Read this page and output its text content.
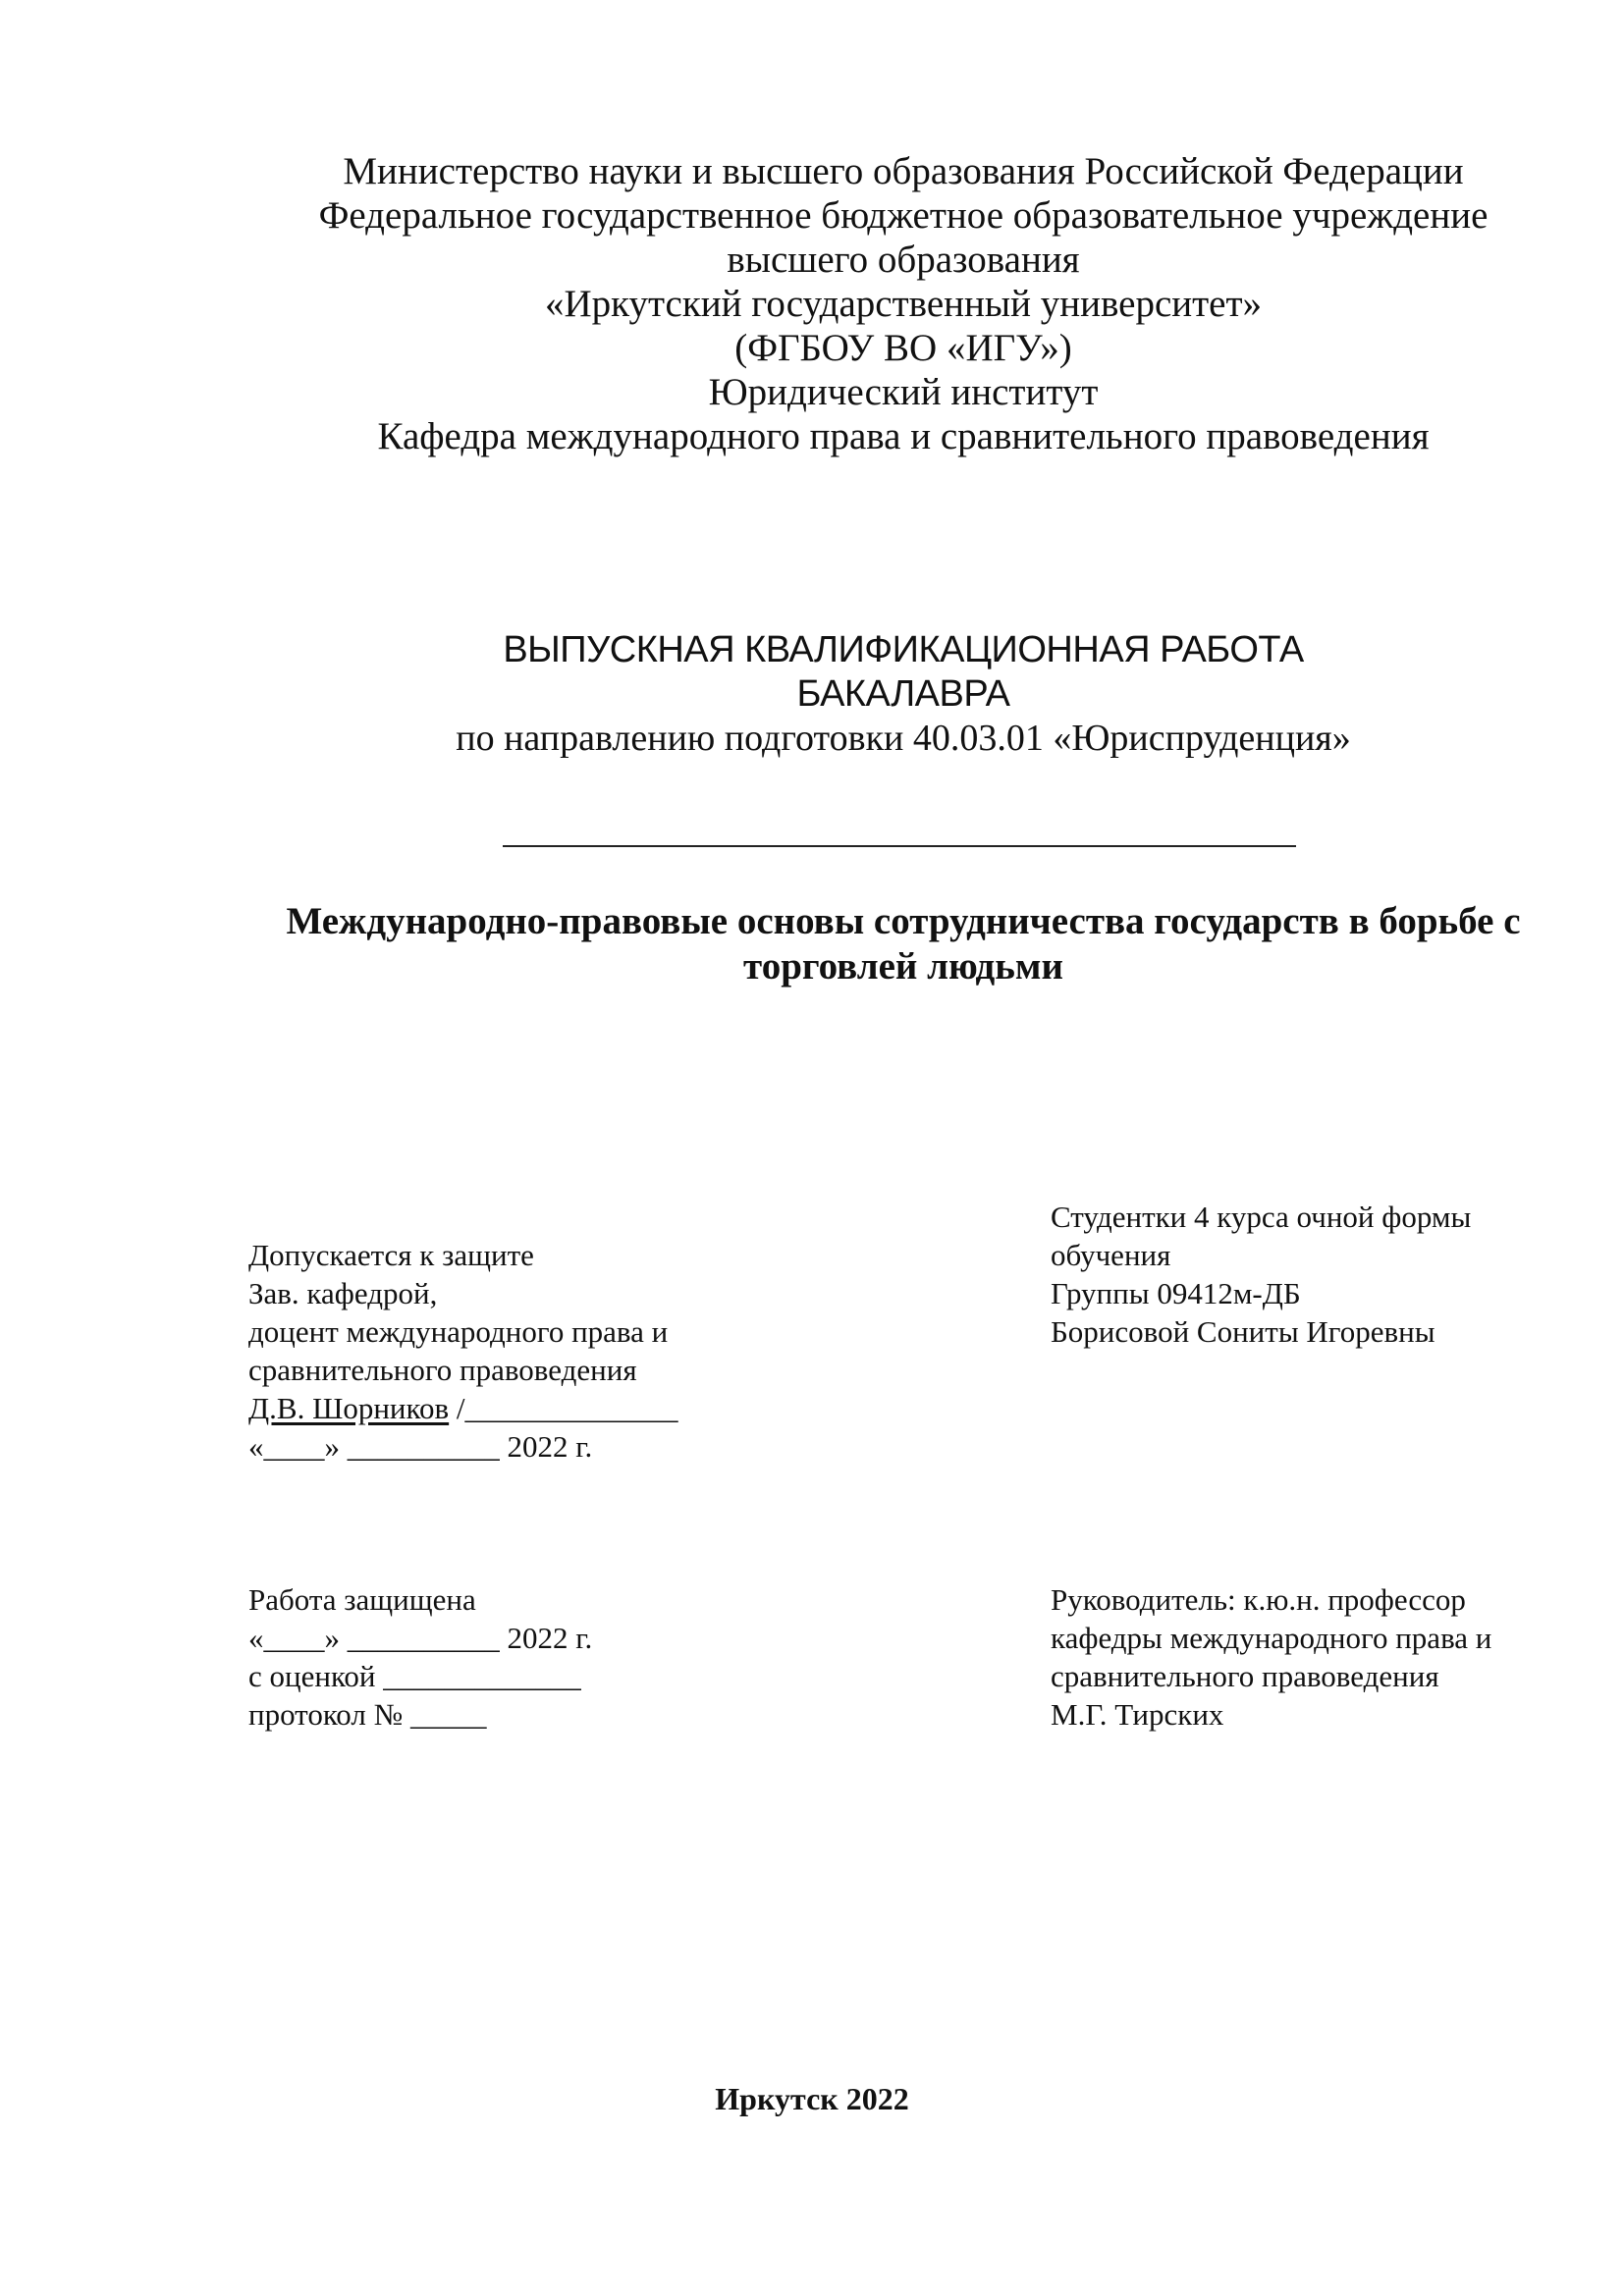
Министерство науки и высшего образования Российской Федерации
Федеральное государственное бюджетное образовательное учреждение
высшего образования
«Иркутский государственный университет»
(ФГБОУ ВО «ИГУ»)
Юридический институт
Кафедра международного права и сравнительного правоведения
ВЫПУСКНАЯ КВАЛИФИКАЦИОННАЯ РАБОТА
БАКАЛАВРА
по направлению подготовки 40.03.01 «Юриспруденция»
Международно-правовые основы сотрудничества государств в борьбе с
торговлей людьми
Студентки 4 курса очной формы
обучения
Группы 09412м-ДБ
Борисовой Сониты Игоревны
Допускается к защите
Зав. кафедрой,
доцент международного права и
сравнительного правоведения
Д.В. Шорников /______________
«____» __________ 2022 г.
Работа защищена
«____» __________ 2022 г.
с оценкой _____________
протокол № _____
Руководитель: к.ю.н. профессор
кафедры международного права и
сравнительного правоведения
М.Г. Тирских
Иркутск 2022
